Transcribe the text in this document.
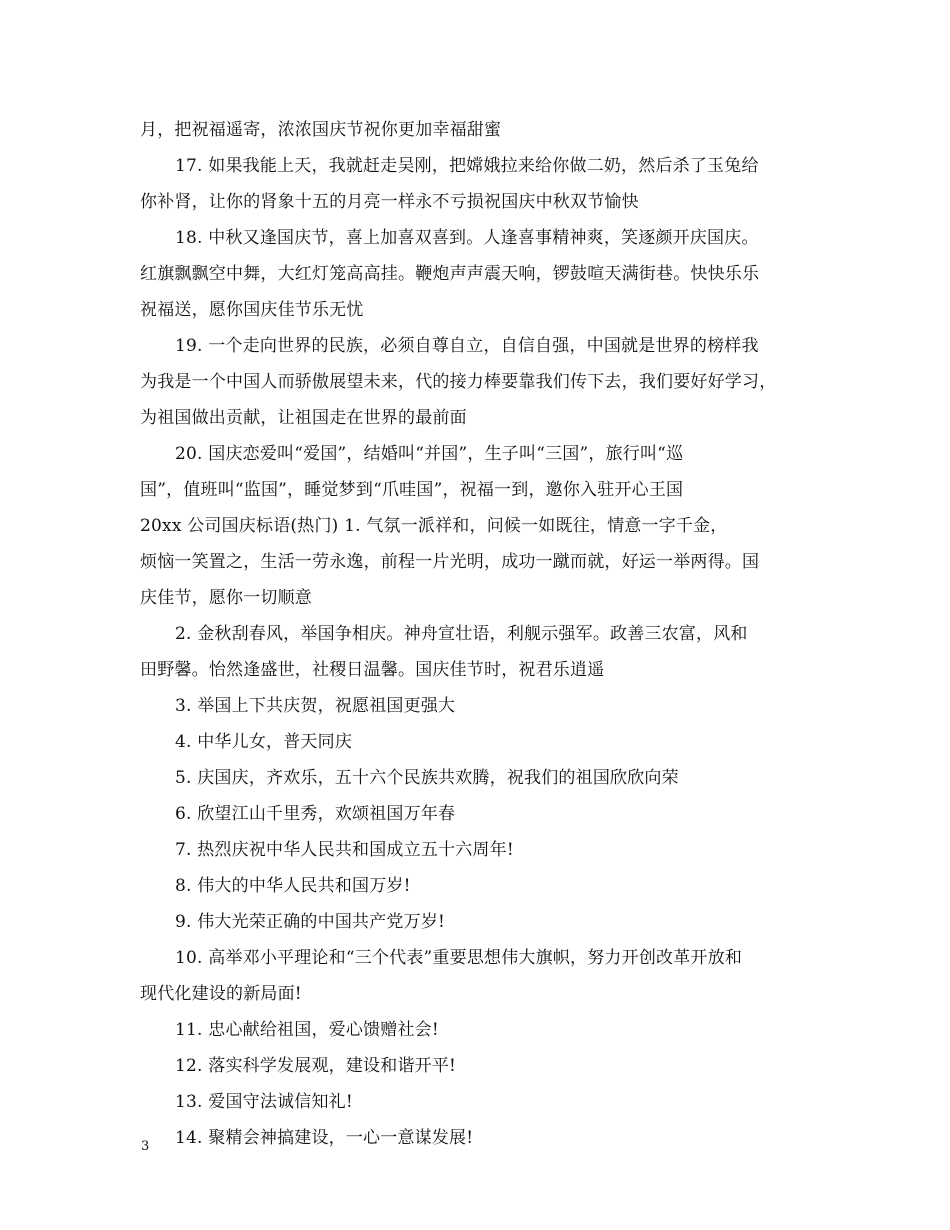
月，把祝福遥寄，浓浓国庆节祝你更加幸福甜蜜
17. 如果我能上天，我就赶走吴刚，把嫦娥拉来给你做二奶，然后杀了玉兔给
你补肾，让你的肾象十五的月亮一样永不亏损祝国庆中秋双节愉快
18. 中秋又逢国庆节，喜上加喜双喜到。人逢喜事精神爽，笑逐颜开庆国庆。
红旗飘飘空中舞，大红灯笼高高挂。鞭炮声声震天响，锣鼓喧天满街巷。快快乐乐
祝福送，愿你国庆佳节乐无忧
19. 一个走向世界的民族，必须自尊自立，自信自强，中国就是世界的榜样我
为我是一个中国人而骄傲展望未来，代的接力棒要靠我们传下去，我们要好好学习，
为祖国做出贡献，让祖国走在世界的最前面
20. 国庆恋爱叫“爱国”，结婚叫“并国”，生子叫“三国”，旅行叫“巡
国”，值班叫“监国”，睡觉梦到“爪哇国”，祝福一到，邀你入驻开心王国
20xx 公司国庆标语(热门) 1. 气氛一派祥和，问候一如既往，情意一字千金，
烦恼一笑置之，生活一劳永逸，前程一片光明，成功一蹴而就，好运一举两得。国
庆佳节，愿你一切顺意
2. 金秋刮春风，举国争相庆。神舟宣壮语，利舰示强军。政善三农富，风和
田野馨。怡然逢盛世，社稷日温馨。国庆佳节时，祝君乐逍遥
3. 举国上下共庆贺，祝愿祖国更强大
4. 中华儿女，普天同庆
5. 庆国庆，齐欢乐，五十六个民族共欢腾，祝我们的祖国欣欣向荣
6. 欣望江山千里秀，欢颂祖国万年春
7. 热烈庆祝中华人民共和国成立五十六周年!
8. 伟大的中华人民共和国万岁!
9. 伟大光荣正确的中国共产党万岁!
10. 高举邓小平理论和“三个代表”重要思想伟大旗帜，努力开创改革开放和
现代化建设的新局面!
11. 忠心献给祖国，爱心馈赠社会!
12. 落实科学发展观，建设和谐开平!
13. 爱国守法诚信知礼!
14. 聚精会神搞建设，一心一意谋发展!
3
